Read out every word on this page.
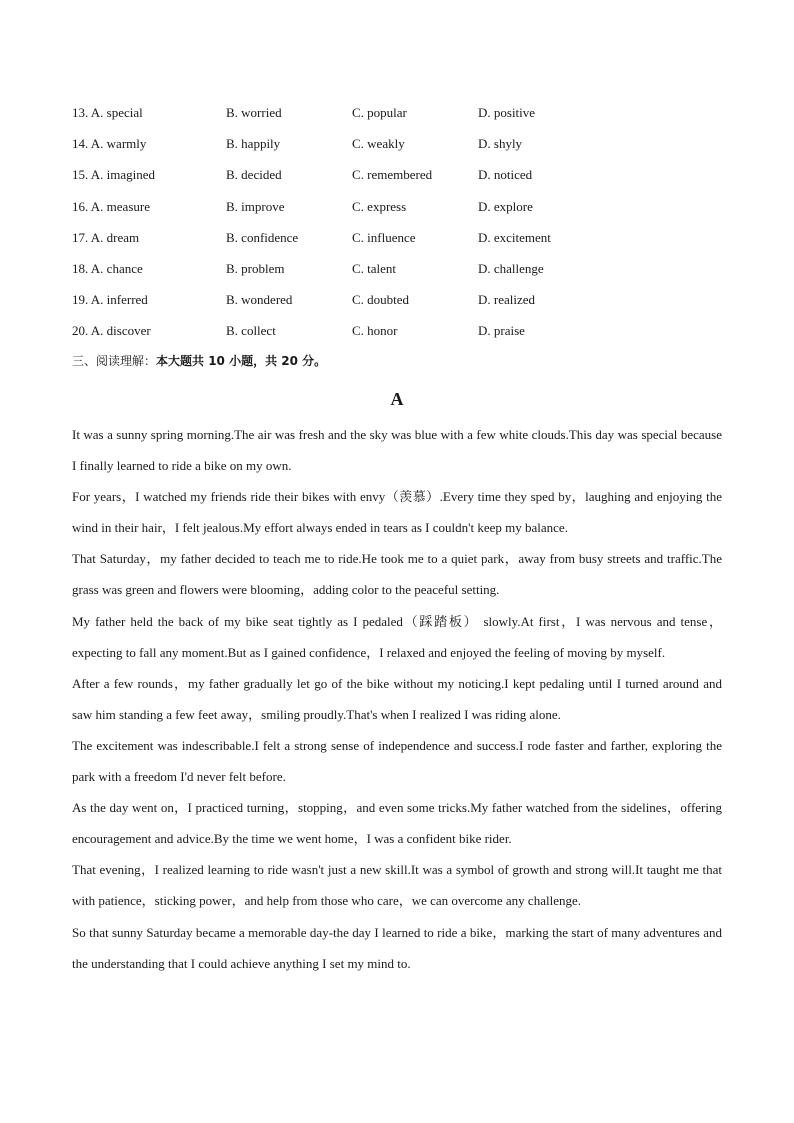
13. A. special	B. worried	C. popular	D. positive
14. A. warmly	B. happily	C. weakly	D. shyly
15. A. imagined	B. decided	C. remembered	D. noticed
16. A. measure	B. improve	C. express	D. explore
17. A. dream	B. confidence	C. influence	D. excitement
18. A. chance	B. problem	C. talent	D. challenge
19. A. inferred	B. wondered	C. doubted	D. realized
20. A. discover	B. collect	C. honor	D. praise
三、阅读理解：本大题共 10 小题，共 20 分。
A

It was a sunny spring morning.The air was fresh and the sky was blue with a few white clouds.This day was special because I finally learned to ride a bike on my own.

For years，I watched my friends ride their bikes with envy（羡慕）.Every time they sped by，laughing and enjoying the wind in their hair，I felt jealous.My effort always ended in tears as I couldn't keep my balance.

That Saturday，my father decided to teach me to ride.He took me to a quiet park，away from busy streets and traffic.The grass was green and flowers were blooming，adding color to the peaceful setting.

My father held the back of my bike seat tightly as I pedaled（踩踏板） slowly.At first，I was nervous and tense，expecting to fall any moment.But as I gained confidence，I relaxed and enjoyed the feeling of moving by myself.

After a few rounds，my father gradually let go of the bike without my noticing.I kept pedaling until I turned around and saw him standing a few feet away，smiling proudly.That's when I realized I was riding alone.

The excitement was indescribable.I felt a strong sense of independence and success.I rode faster and farther, exploring the park with a freedom I'd never felt before.

As the day went on，I practiced turning，stopping，and even some tricks.My father watched from the sidelines，offering encouragement and advice.By the time we went home，I was a confident bike rider.

That evening，I realized learning to ride wasn't just a new skill.It was a symbol of growth and strong will.It taught me that with patience，sticking power，and help from those who care，we can overcome any challenge.

So that sunny Saturday became a memorable day-the day I learned to ride a bike，marking the start of many adventures and the understanding that I could achieve anything I set my mind to.
